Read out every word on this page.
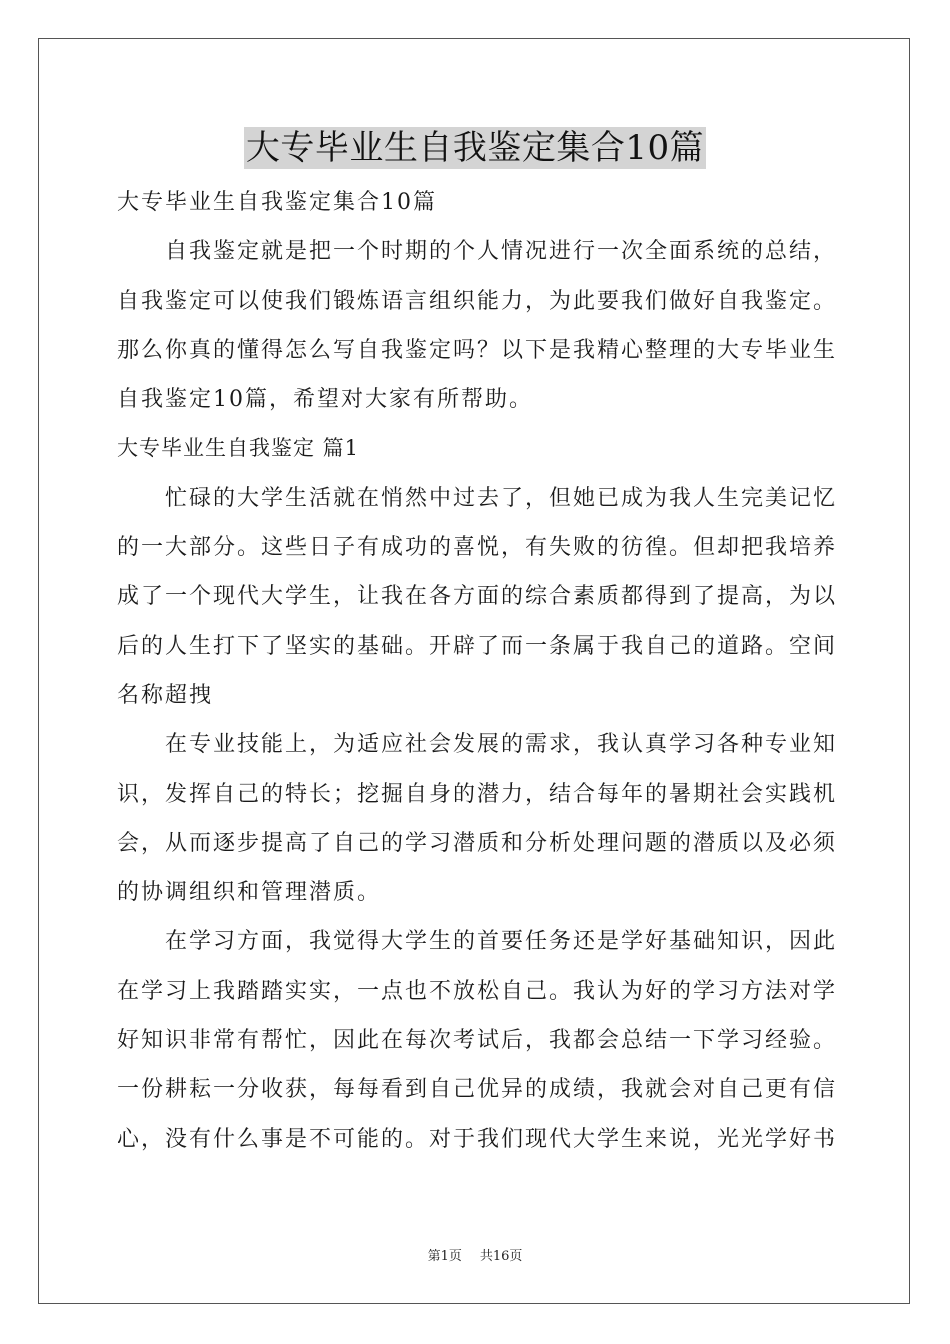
大专毕业生自我鉴定集合10篇

大专毕业生自我鉴定集合10篇

自我鉴定就是把一个时期的个人情况进行一次全面系统的总结，自我鉴定可以使我们锻炼语言组织能力，为此要我们做好自我鉴定。那么你真的懂得怎么写自我鉴定吗？以下是我精心整理的大专毕业生自我鉴定10篇，希望对大家有所帮助。

大专毕业生自我鉴定 篇1

忙碌的大学生活就在悄然中过去了，但她已成为我人生完美记忆的一大部分。这些日子有成功的喜悦，有失败的彷徨。但却把我培养成了一个现代大学生，让我在各方面的综合素质都得到了提高，为以后的人生打下了坚实的基础。开辟了而一条属于我自己的道路。空间名称超拽

在专业技能上，为适应社会发展的需求，我认真学习各种专业知识，发挥自己的特长；挖掘自身的潜力，结合每年的暑期社会实践机会，从而逐步提高了自己的学习潜质和分析处理问题的潜质以及必须的协调组织和管理潜质。

在学习方面，我觉得大学生的首要任务还是学好基础知识，因此在学习上我踏踏实实，一点也不放松自己。我认为好的学习方法对学好知识非常有帮忙，因此在每次考试后，我都会总结一下学习经验。一份耕耘一分收获，每每看到自己优异的成绩，我就会对自己更有信心，没有什么事是不可能的。对于我们现代大学生来说，光光学好书

第1页 共16页
